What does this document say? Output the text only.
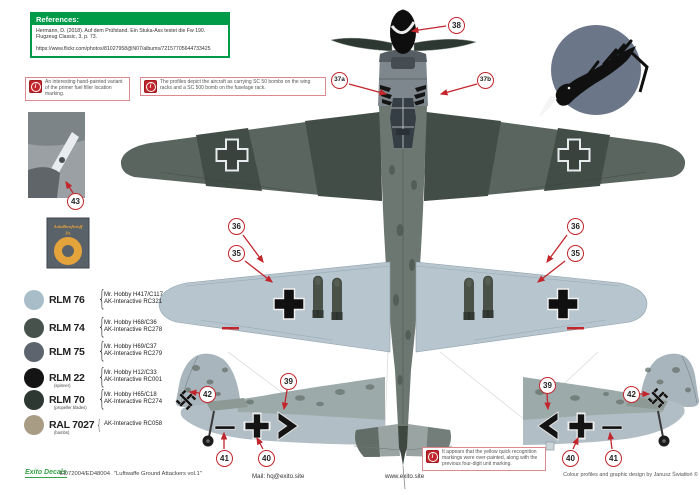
Anlaßkraftstoff
3lt.
References:
Hermann, D. (2018). Auf dem Prüfstand. Ein Stuka-Ass testet die Fw 190.
Flugzeug Classic, 3, p. 73.
https://www.flickr.com/photos/81027958@N07/albums/72157705644733425
i
An interesting hand-painted variant of the primer fuel filler location marking.
i
The profiles depict the aircraft as carrying SC 50 bombs on the wing racks and a SC 500 bomb on the fuselage rack.
i
It appears that the yellow quick recognition markings were over-painted, along with the previous four-digit unit marking.
38
37a	37b
43
36
35
36
35
42
39
41	40
39
42
40	41
RLM 76 {
Mr. Hobby H417/C117
AK-Interactive RC321
RLM 74 {
Mr. Hobby H68/C36
AK-Interactive RC278
RLM 75 {
Mr. Hobby H69/C37
AK-Interactive RC279
RLM 22
(spinner) {
Mr. Hobby H12/C33
AK-Interactive RC001
RLM 70
(propeller blades) {
Mr. Hobby H65/C18
AK-Interactive RC274
RAL 7027
(bombs) { AK-Interactive RC058
Exito Decals
ED72004/ED48004 "Luftwaffe Ground Attackers vol.1"	Mail: hq@exito.site	www.exito.site	Colour profiles and graphic design by Janusz Światłoń ©
